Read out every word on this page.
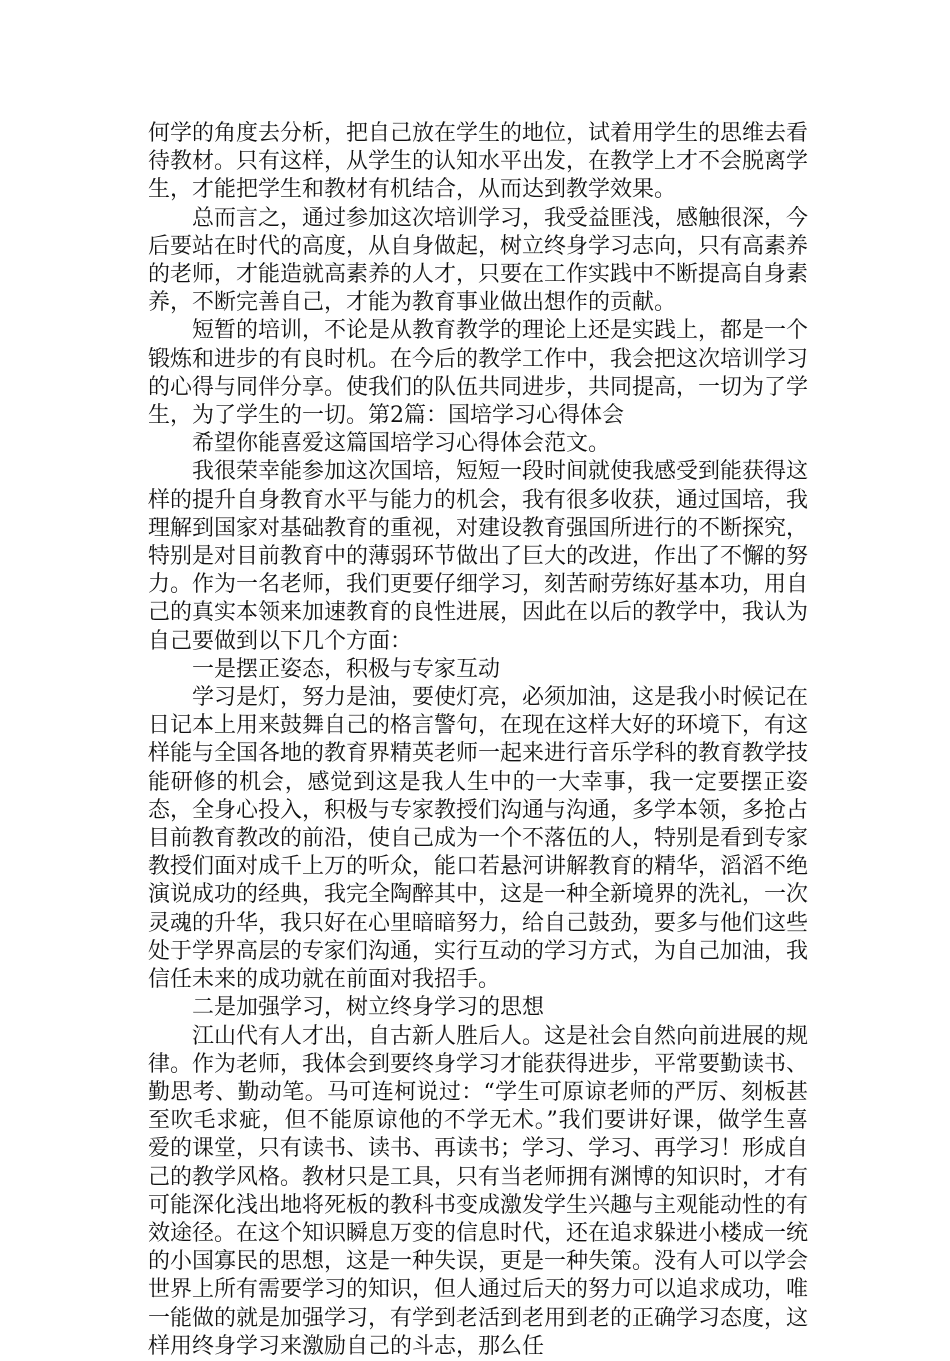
何学的角度去分析，把自己放在学生的地位，试着用学生的思维去看待教材。只有这样，从学生的认知水平出发，在教学上才不会脱离学生，才能把学生和教材有机结合，从而达到教学效果。

总而言之，通过参加这次培训学习，我受益匪浅，感触很深，今后要站在时代的高度，从自身做起，树立终身学习志向，只有高素养的老师，才能造就高素养的人才，只要在工作实践中不断提高自身素养，不断完善自己，才能为教育事业做出想作的贡献。

短暂的培训，不论是从教育教学的理论上还是实践上，都是一个锻炼和进步的有良时机。在今后的教学工作中，我会把这次培训学习的心得与同伴分享。使我们的队伍共同进步，共同提高，一切为了学生，为了学生的一切。第2篇：国培学习心得体会

希望你能喜爱这篇国培学习心得体会范文。

我很荣幸能参加这次国培，短短一段时间就使我感受到能获得这样的提升自身教育水平与能力的机会，我有很多收获，通过国培，我理解到国家对基础教育的重视，对建设教育强国所进行的不断探究，特别是对目前教育中的薄弱环节做出了巨大的改进，作出了不懈的努力。作为一名老师，我们更要仔细学习，刻苦耐劳练好基本功，用自己的真实本领来加速教育的良性进展，因此在以后的教学中，我认为自己要做到以下几个方面：

一是摆正姿态，积极与专家互动

学习是灯，努力是油，要使灯亮，必须加油，这是我小时候记在日记本上用来鼓舞自己的格言警句，在现在这样大好的环境下，有这样能与全国各地的教育界精英老师一起来进行音乐学科的教育教学技能研修的机会，感觉到这是我人生中的一大幸事，我一定要摆正姿态，全身心投入，积极与专家教授们沟通与沟通，多学本领，多抢占目前教育教改的前沿，使自己成为一个不落伍的人，特别是看到专家教授们面对成千上万的听众，能口若悬河讲解教育的精华，滔滔不绝演说成功的经典，我完全陶醉其中，这是一种全新境界的洗礼，一次灵魂的升华，我只好在心里暗暗努力，给自己鼓劲，要多与他们这些处于学界高层的专家们沟通，实行互动的学习方式，为自己加油，我信任未来的成功就在前面对我招手。

二是加强学习，树立终身学习的思想

江山代有人才出，自古新人胜后人。这是社会自然向前进展的规律。作为老师，我体会到要终身学习才能获得进步，平常要勤读书、勤思考、勤动笔。马可连柯说过：“学生可原谅老师的严厉、刻板甚至吹毛求疵，但不能原谅他的不学无术。”我们要讲好课，做学生喜爱的课堂，只有读书、读书、再读书；学习、学习、再学习！形成自己的教学风格。教材只是工具，只有当老师拥有渊博的知识时，才有可能深化浅出地将死板的教科书变成激发学生兴趣与主观能动性的有效途径。在这个知识瞬息万变的信息时代，还在追求躲进小楼成一统的小国寡民的思想，这是一种失误，更是一种失策。没有人可以学会世界上所有需要学习的知识，但人通过后天的努力可以追求成功，唯一能做的就是加强学习，有学到老活到老用到老的正确学习态度，这样用终身学习来激励自己的斗志，那么任
